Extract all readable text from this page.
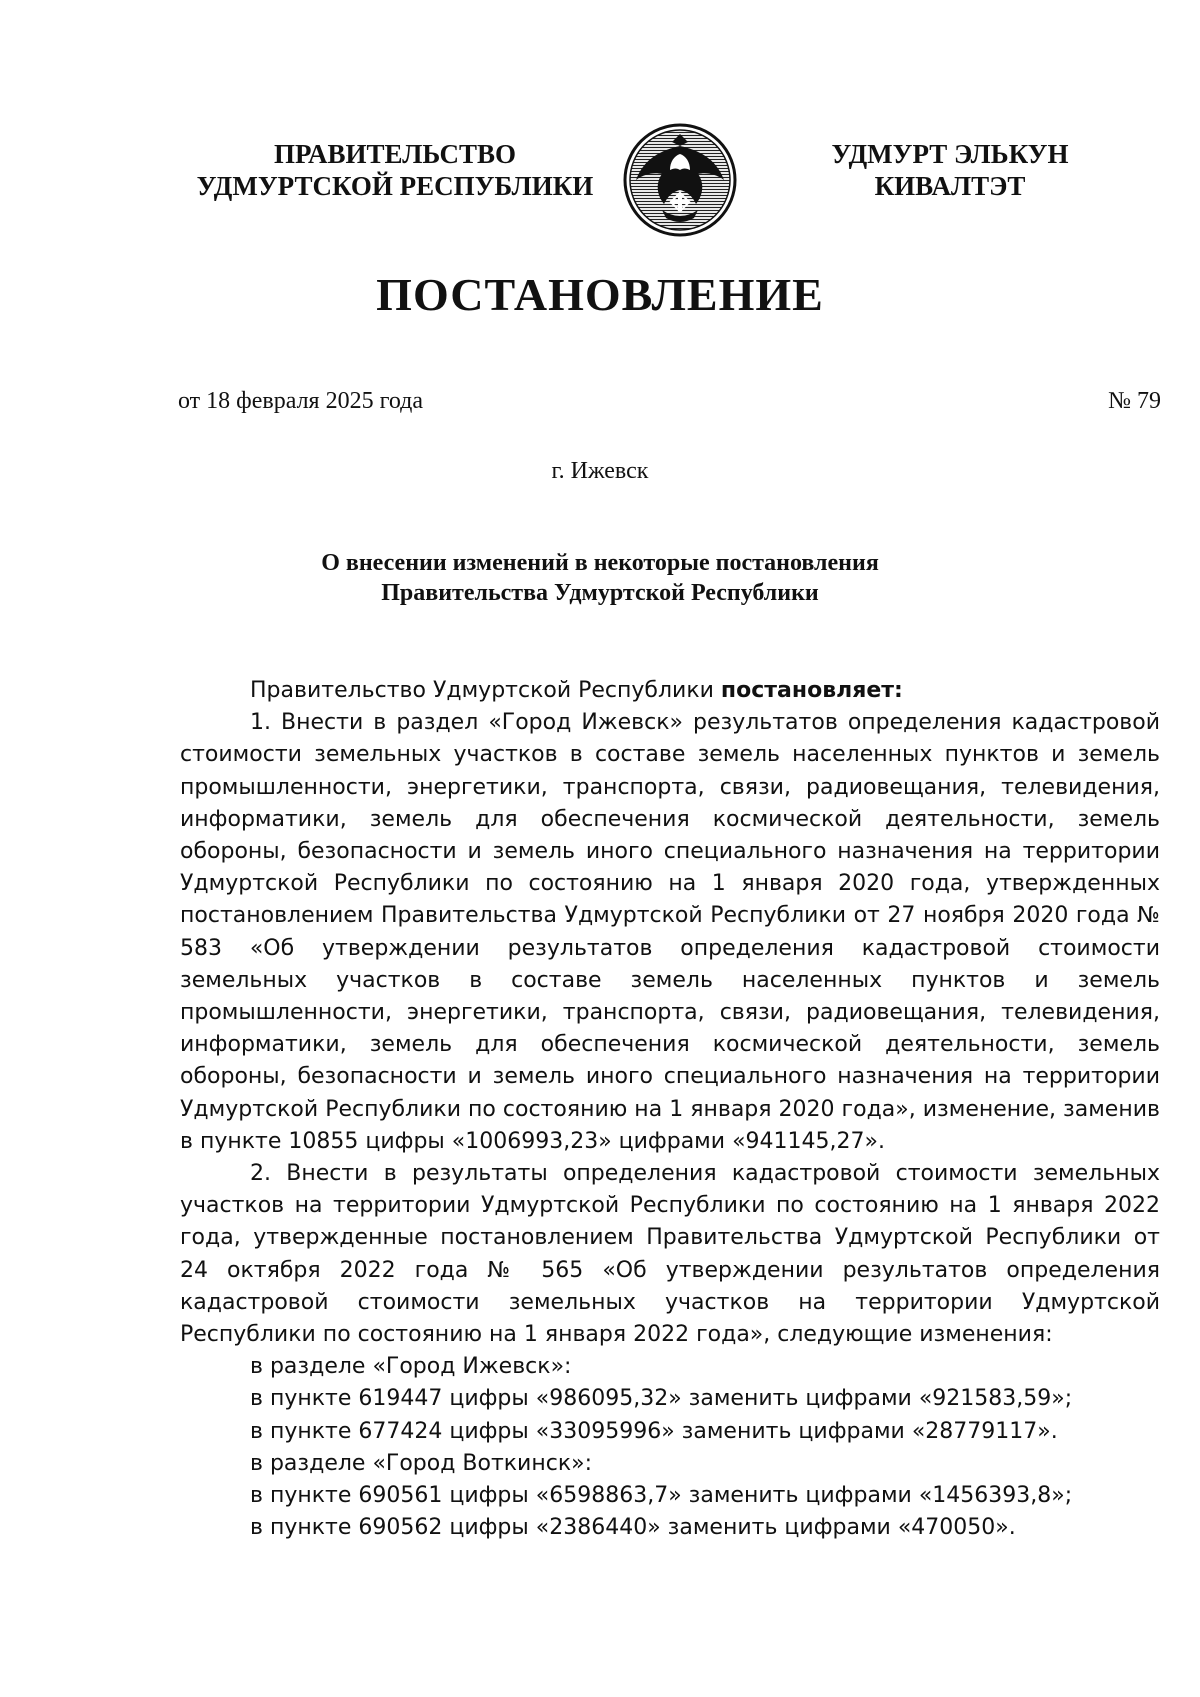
ПРАВИТЕЛЬСТВО
УДМУРТСКОЙ РЕСПУБЛИКИ
УДМУРТ ЭЛЬКУН
КИВАЛТЭТ
ПОСТАНОВЛЕНИЕ
от 18 февраля 2025 года	№ 79
г. Ижевск
О внесении изменений в некоторые постановления
Правительства Удмуртской Республики

Правительство Удмуртской Республики постановляет:

1. Внести в раздел «Город Ижевск» результатов определения кадастровой стоимости земельных участков в составе земель населенных пунктов и земель промышленности, энергетики, транспорта, связи, радиовещания, телевидения, информатики, земель для обеспечения космической деятельности, земель обороны, безопасности и земель иного специального назначения на территории Удмуртской Республики по состоянию на 1 января 2020 года, утвержденных постановлением Правительства Удмуртской Республики от 27 ноября 2020 года № 583 «Об утверждении результатов определения кадастровой стоимости земельных участков в составе земель населенных пунктов и земель промышленности, энергетики, транспорта, связи, радиовещания, телевидения, информатики, земель для обеспечения космической деятельности, земель обороны, безопасности и земель иного специального назначения на территории Удмуртской Республики по состоянию на 1 января 2020 года», изменение, заменив в пункте 10855 цифры «1006993,23» цифрами «941145,27».

2. Внести в результаты определения кадастровой стоимости земельных участков на территории Удмуртской Республики по состоянию на 1 января 2022 года, утвержденные постановлением Правительства Удмуртской Республики от 24 октября 2022 года № 565 «Об утверждении результатов определения кадастровой стоимости земельных участков на территории Удмуртской Республики по состоянию на 1 января 2022 года», следующие изменения:

в разделе «Город Ижевск»:

в пункте 619447 цифры «986095,32» заменить цифрами «921583,59»;

в пункте 677424 цифры «33095996» заменить цифрами «28779117».

в разделе «Город Воткинск»:

в пункте 690561 цифры «6598863,7» заменить цифрами «1456393,8»;

в пункте 690562 цифры «2386440» заменить цифрами «470050».
